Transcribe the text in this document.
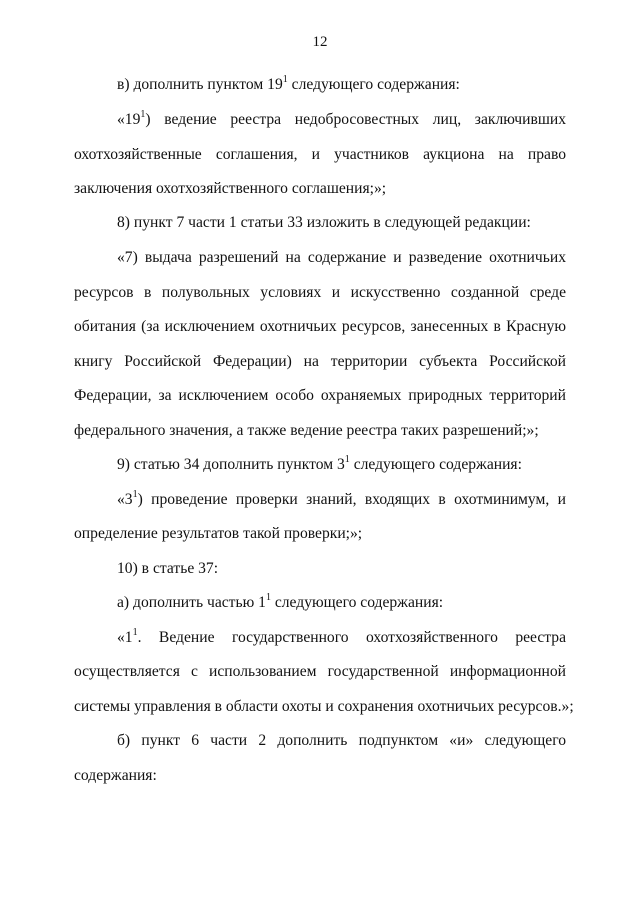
12
в) дополнить пунктом $19^1$ следующего содержания:
«$19^1$) ведение реестра недобросовестных лиц, заключивших
охотхозяйственные соглашения, и участников аукциона на право
заключения охотхозяйственного соглашения;»;
8) пункт 7 части 1 статьи 33 изложить в следующей редакции:
«7) выдача разрешений на содержание и разведение охотничьих
ресурсов в полувольных условиях и искусственно созданной среде
обитания (за исключением охотничьих ресурсов, занесенных в Красную
книгу Российской Федерации) на территории субъекта Российской
Федерации, за исключением особо охраняемых природных территорий
федерального значения, а также ведение реестра таких разрешений;»;
9) статью 34 дополнить пунктом $3^1$ следующего содержания:
«$3^1$) проведение проверки знаний, входящих в охотминимум, и
определение результатов такой проверки;»;
10) в статье 37:
а) дополнить частью $1^1$ следующего содержания:
«$1^1$. Ведение государственного охотхозяйственного реестра
осуществляется с использованием государственной информационной
системы управления в области охоты и сохранения охотничьих ресурсов.»;
б) пункт 6 части 2 дополнить подпунктом «и» следующего
содержания:
